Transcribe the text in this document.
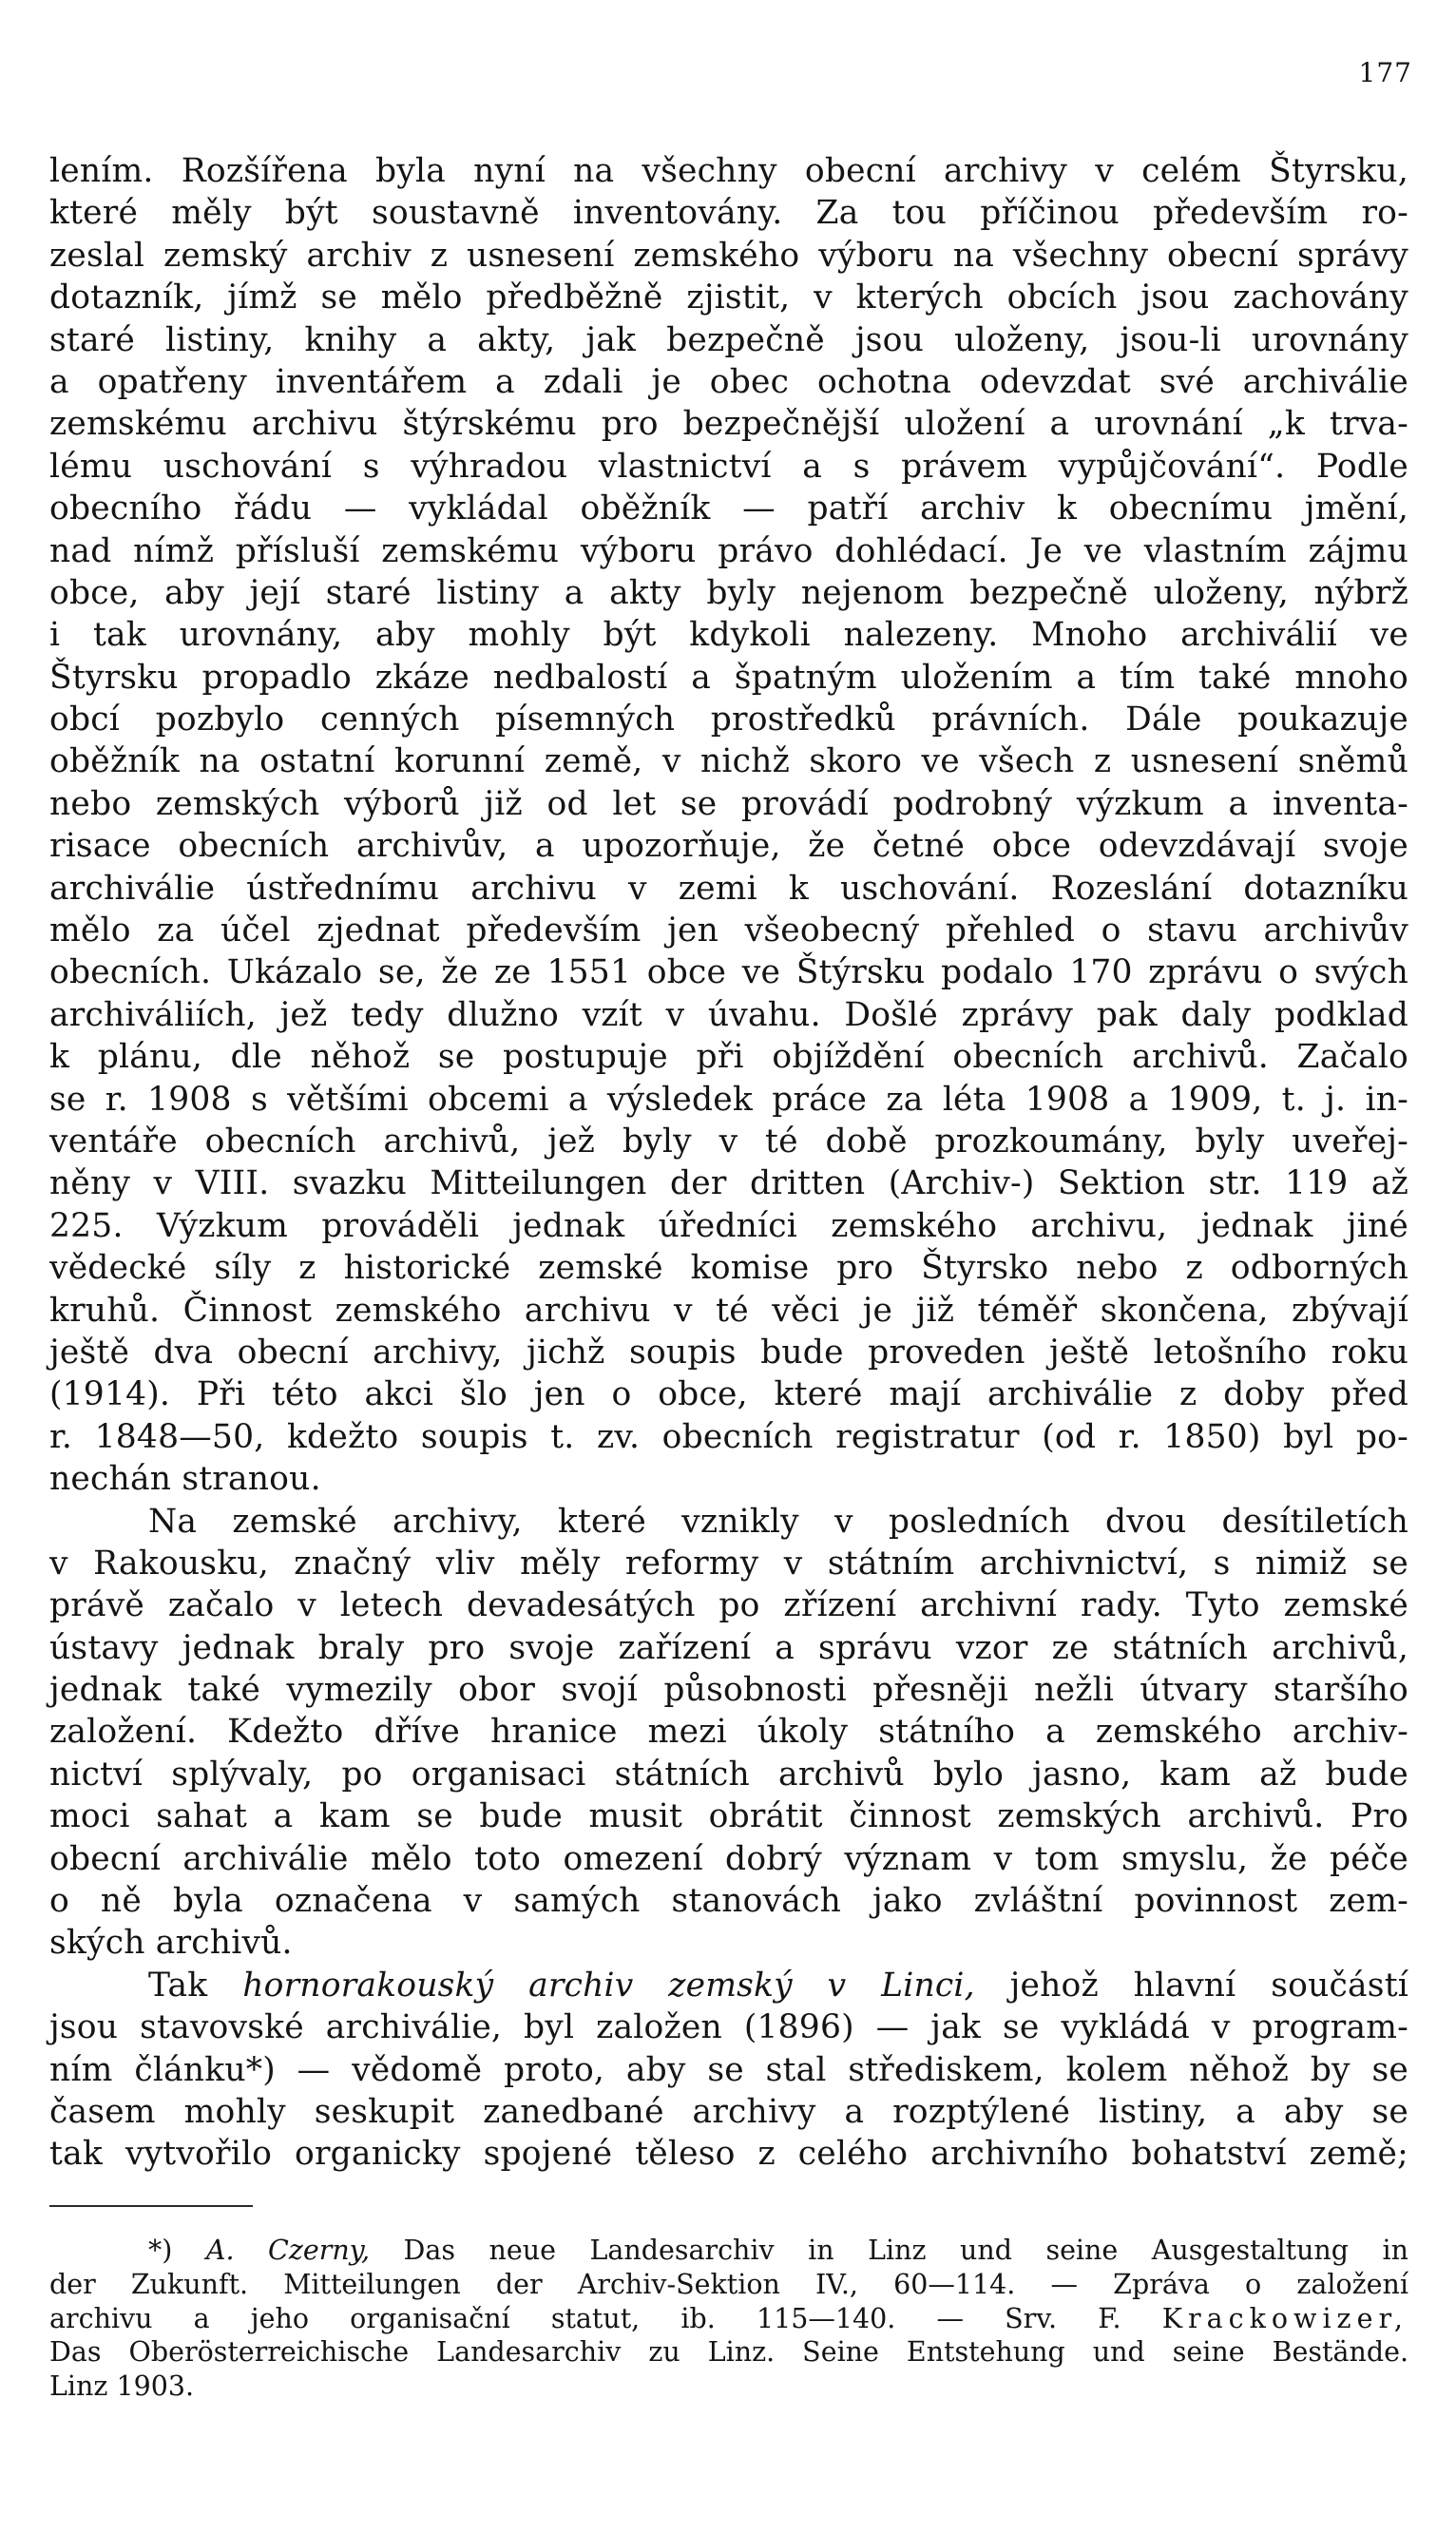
177
lením. Rozšířena byla nyní na všechny obecní archivy v celém Štyrsku,
které měly být soustavně inventovány. Za tou příčinou především ro-
zeslal zemský archiv z usnesení zemského výboru na všechny obecní správy
dotazník, jímž se mělo předběžně zjistit, v kterých obcích jsou zachovány
staré listiny, knihy a akty, jak bezpečně jsou uloženy, jsou-li urovnány
a opatřeny inventářem a zdali je obec ochotna odevzdat své archiválie
zemskému archivu štýrskému pro bezpečnější uložení a urovnání „k trva-
lému uschování s výhradou vlastnictví a s právem vypůjčování“. Podle
obecního řádu — vykládal oběžník — patří archiv k obecnímu jmění,
nad nímž přísluší zemskému výboru právo dohlédací. Je ve vlastním zájmu
obce, aby její staré listiny a akty byly nejenom bezpečně uloženy, nýbrž
i tak urovnány, aby mohly být kdykoli nalezeny. Mnoho archiválií ve
Štyrsku propadlo zkáze nedbalostí a špatným uložením a tím také mnoho
obcí pozbylo cenných písemných prostředků právních. Dále poukazuje
oběžník na ostatní korunní země, v nichž skoro ve všech z usnesení sněmů
nebo zemských výborů již od let se provádí podrobný výzkum a inventa-
risace obecních archivův, a upozorňuje, že četné obce odevzdávají svoje
archiválie ústřednímu archivu v zemi k uschování. Rozeslání dotazníku
mělo za účel zjednat především jen všeobecný přehled o stavu archivův
obecních. Ukázalo se, že ze 1551 obce ve Štýrsku podalo 170 zprávu o svých
archiváliích, jež tedy dlužno vzít v úvahu. Došlé zprávy pak daly podklad
k plánu, dle něhož se postupuje při objíždění obecních archivů. Začalo
se r. 1908 s většími obcemi a výsledek práce za léta 1908 a 1909, t. j. in-
ventáře obecních archivů, jež byly v té době prozkoumány, byly uveřej-
něny v VIII. svazku Mitteilungen der dritten (Archiv-) Sektion str. 119 až
225. Výzkum prováděli jednak úředníci zemského archivu, jednak jiné
vědecké síly z historické zemské komise pro Štyrsko nebo z odborných
kruhů. Činnost zemského archivu v té věci je již téměř skončena, zbývají
ještě dva obecní archivy, jichž soupis bude proveden ještě letošního roku
(1914). Při této akci šlo jen o obce, které mají archiválie z doby před
r. 1848—50, kdežto soupis t. zv. obecních registratur (od r. 1850) byl po-
nechán stranou.
Na zemské archivy, které vznikly v posledních dvou desítiletích
v Rakousku, značný vliv měly reformy v státním archivnictví, s nimiž se
právě začalo v letech devadesátých po zřízení archivní rady. Tyto zemské
ústavy jednak braly pro svoje zařízení a správu vzor ze státních archivů,
jednak také vymezily obor svojí působnosti přesněji nežli útvary staršího
založení. Kdežto dříve hranice mezi úkoly státního a zemského archiv-
nictví splývaly, po organisaci státních archivů bylo jasno, kam až bude
moci sahat a kam se bude musit obrátit činnost zemských archivů. Pro
obecní archiválie mělo toto omezení dobrý význam v tom smyslu, že péče
o ně byla označena v samých stanovách jako zvláštní povinnost zem-
ských archivů.
Tak hornorakouský archiv zemský v Linci, jehož hlavní součástí
jsou stavovské archiválie, byl založen (1896) — jak se vykládá v program-
ním článku*) — vědomě proto, aby se stal střediskem, kolem něhož by se
časem mohly seskupit zanedbané archivy a rozptýlené listiny, a aby se
tak vytvořilo organicky spojené těleso z celého archivního bohatství země;
*) A. Czerny, Das neue Landesarchiv in Linz und seine Ausgestaltung in
der Zukunft. Mitteilungen der Archiv-Sektion IV., 60—114. — Zpráva o založení
archivu a jeho organisační statut, ib. 115—140. — Srv. F. Krackowizer,
Das Oberösterreichische Landesarchiv zu Linz. Seine Entstehung und seine Bestände.
Linz 1903.
